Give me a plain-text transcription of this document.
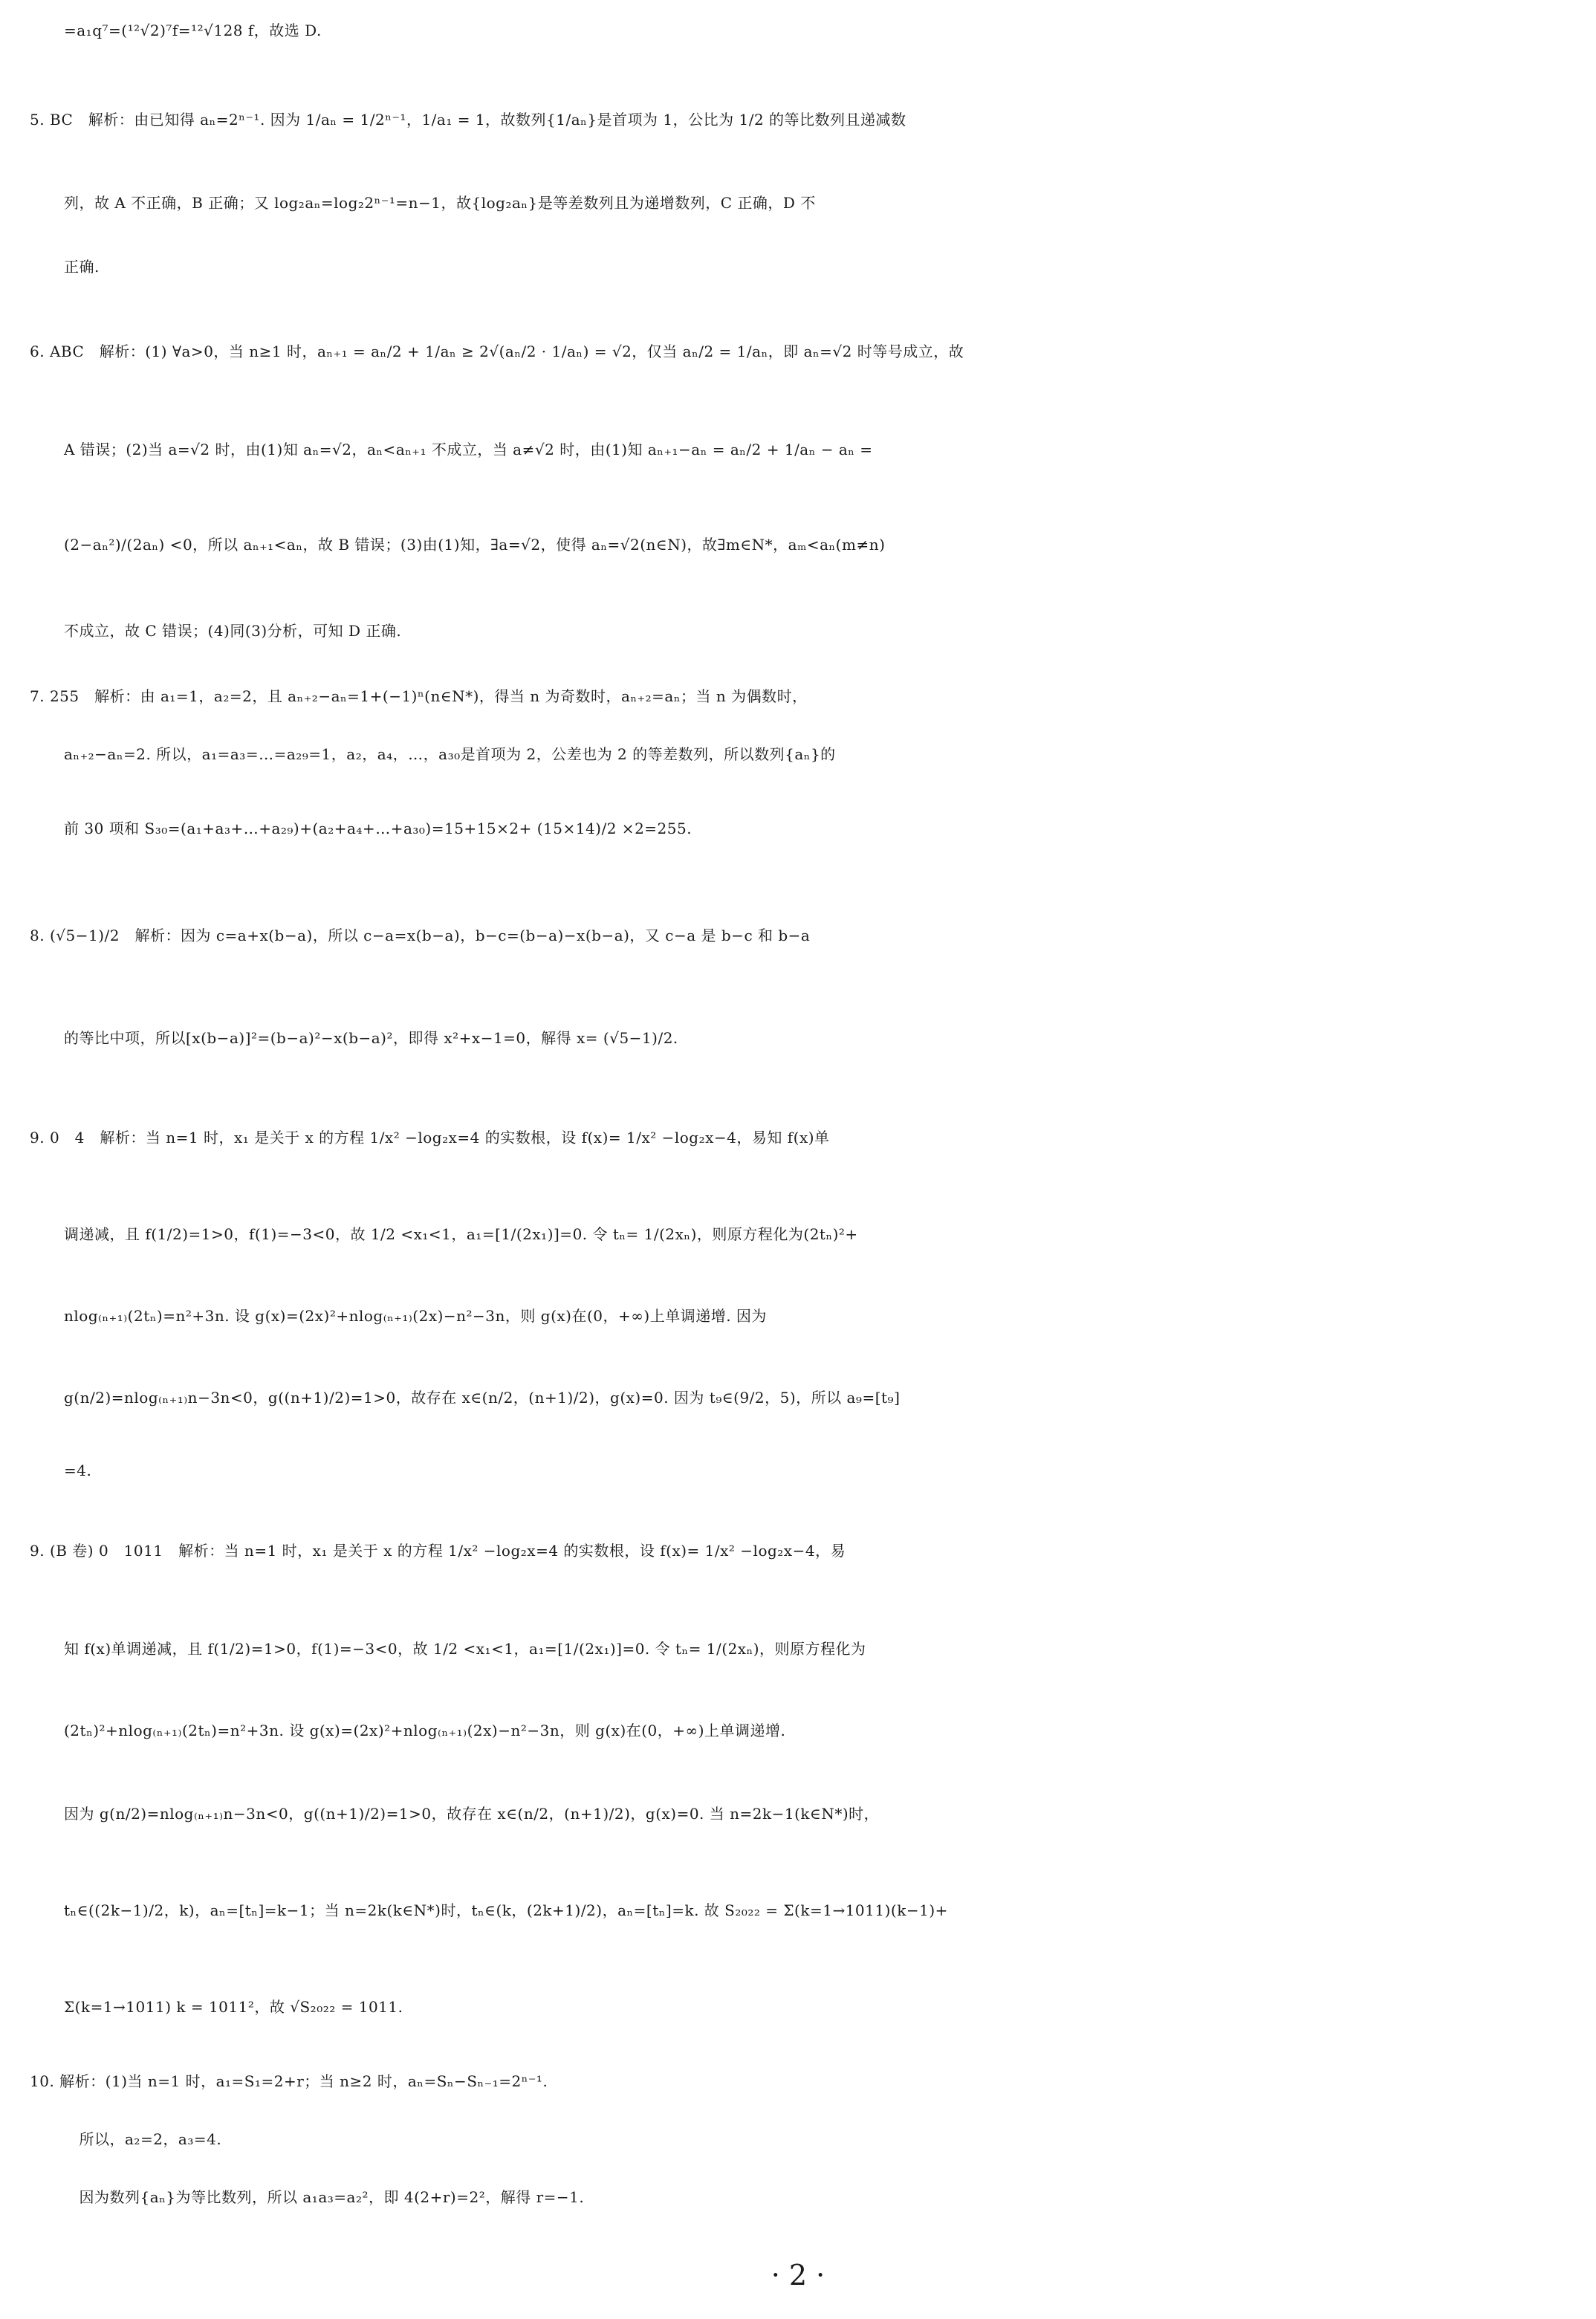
=a₁q⁷=(¹²√2)⁷f=¹²√128 f，故选 D.
5. BC　解析：由已知得 aₙ=2ⁿ⁻¹. 因为 1/aₙ = 1/2ⁿ⁻¹，1/a₁ = 1，故数列{1/aₙ}是首项为 1，公比为 1/2 的等比数列且递减数
列，故 A 不正确，B 正确；又 log₂aₙ=log₂2ⁿ⁻¹=n−1，故{log₂aₙ}是等差数列且为递增数列，C 正确，D 不
正确.
6. ABC　解析：(1) ∀a>0，当 n≥1 时，aₙ₊₁ = aₙ/2 + 1/aₙ ≥ 2√(aₙ/2 · 1/aₙ) = √2，仅当 aₙ/2 = 1/aₙ，即 aₙ=√2 时等号成立，故
A 错误；(2)当 a=√2 时，由(1)知 aₙ=√2，aₙ<aₙ₊₁ 不成立，当 a≠√2 时，由(1)知 aₙ₊₁−aₙ = aₙ/2 + 1/aₙ − aₙ =
(2−aₙ²)/(2aₙ) <0，所以 aₙ₊₁<aₙ，故 B 错误；(3)由(1)知，∃a=√2，使得 aₙ=√2(n∈N)，故∃m∈N*，aₘ<aₙ(m≠n)
不成立，故 C 错误；(4)同(3)分析，可知 D 正确.
7. 255　解析：由 a₁=1，a₂=2，且 aₙ₊₂−aₙ=1+(−1)ⁿ(n∈N*)，得当 n 为奇数时，aₙ₊₂=aₙ；当 n 为偶数时，
aₙ₊₂−aₙ=2. 所以，a₁=a₃=…=a₂₉=1，a₂，a₄，…，a₃₀是首项为 2，公差也为 2 的等差数列，所以数列{aₙ}的
前 30 项和 S₃₀=(a₁+a₃+…+a₂₉)+(a₂+a₄+…+a₃₀)=15+15×2+ (15×14)/2 ×2=255.
8. (√5−1)/2　解析：因为 c=a+x(b−a)，所以 c−a=x(b−a)，b−c=(b−a)−x(b−a)，又 c−a 是 b−c 和 b−a
的等比中项，所以[x(b−a)]²=(b−a)²−x(b−a)²，即得 x²+x−1=0，解得 x= (√5−1)/2.
9. 0　4　解析：当 n=1 时，x₁ 是关于 x 的方程 1/x² −log₂x=4 的实数根，设 f(x)= 1/x² −log₂x−4，易知 f(x)单
调递减，且 f(1/2)=1>0，f(1)=−3<0，故 1/2 <x₁<1，a₁=[1/(2x₁)]=0. 令 tₙ= 1/(2xₙ)，则原方程化为(2tₙ)²+
nlog₍ₙ₊₁₎(2tₙ)=n²+3n. 设 g(x)=(2x)²+nlog₍ₙ₊₁₎(2x)−n²−3n，则 g(x)在(0，+∞)上单调递增. 因为
g(n/2)=nlog₍ₙ₊₁₎n−3n<0，g((n+1)/2)=1>0，故存在 x∈(n/2，(n+1)/2)，g(x)=0. 因为 t₉∈(9/2，5)，所以 a₉=[t₉]
=4.
9. (B 卷) 0　1011　解析：当 n=1 时，x₁ 是关于 x 的方程 1/x² −log₂x=4 的实数根，设 f(x)= 1/x² −log₂x−4，易
知 f(x)单调递减，且 f(1/2)=1>0，f(1)=−3<0，故 1/2 <x₁<1，a₁=[1/(2x₁)]=0. 令 tₙ= 1/(2xₙ)，则原方程化为
(2tₙ)²+nlog₍ₙ₊₁₎(2tₙ)=n²+3n. 设 g(x)=(2x)²+nlog₍ₙ₊₁₎(2x)−n²−3n，则 g(x)在(0，+∞)上单调递增.
因为 g(n/2)=nlog₍ₙ₊₁₎n−3n<0，g((n+1)/2)=1>0，故存在 x∈(n/2，(n+1)/2)，g(x)=0. 当 n=2k−1(k∈N*)时，
tₙ∈((2k−1)/2，k)，aₙ=[tₙ]=k−1；当 n=2k(k∈N*)时，tₙ∈(k，(2k+1)/2)，aₙ=[tₙ]=k. 故 S₂₀₂₂ = Σ(k=1→1011)(k−1)+
Σ(k=1→1011) k = 1011²，故 √S₂₀₂₂ = 1011.
10. 解析：(1)当 n=1 时，a₁=S₁=2+r；当 n≥2 时，aₙ=Sₙ−Sₙ₋₁=2ⁿ⁻¹.
　所以，a₂=2，a₃=4.
　因为数列{aₙ}为等比数列，所以 a₁a₃=a₂²，即 4(2+r)=2²，解得 r=−1.
· 2 ·
